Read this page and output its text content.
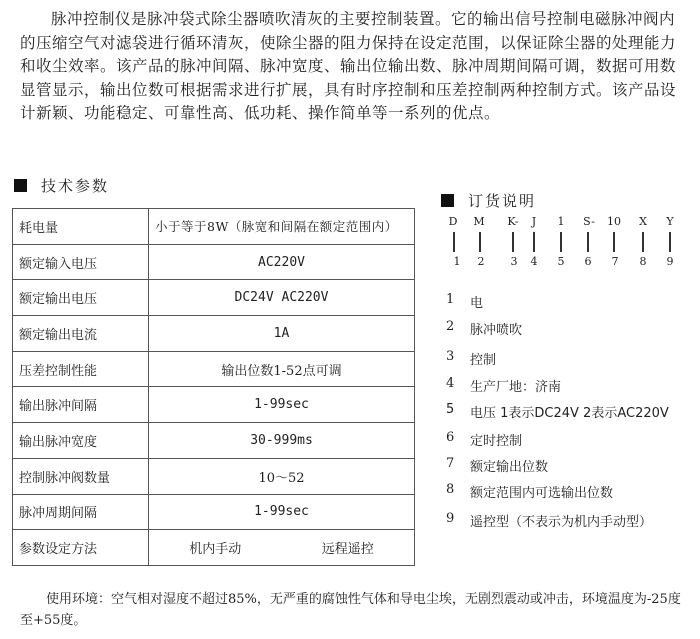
脉冲控制仪是脉冲袋式除尘器喷吹清灰的主要控制装置。它的输出信号控制电磁脉冲阀内的压缩空气对滤袋进行循环清灰，使除尘器的阻力保持在设定范围，以保证除尘器的处理能力和收尘效率。该产品的脉冲间隔、脉冲宽度、输出位输出数、脉冲周期间隔可调，数据可用数显管显示，输出位数可根据需求进行扩展，具有时序控制和压差控制两种控制方式。该产品设计新颖、功能稳定、可靠性高、低功耗、操作简单等一系列的优点。

技术参数
耗电量	小于等于8W（脉宽和间隔在额定范围内）
额定输入电压	AC220V
额定输出电压	DC24V AC220V
额定输出电流	1A
压差控制性能	输出位数1-52点可调
输出脉冲间隔	1-99sec
输出脉冲宽度	30-999ms
控制脉冲阀数量	10～52
脉冲周期间隔	1-99sec
参数设定方法	机内手动 远程遥控
订货说明
D	M	K-	J	1	S-	10	X	Y
1	2	3	4	5	6	7	8	9
1	电
2	脉冲喷吹
3	控制
4	生产厂地：济南
5	电压 1表示DC24V 2表示AC220V
6	定时控制
7	额定输出位数
8	额定范围内可选输出位数
9	遥控型（不表示为机内手动型）

使用环境：空气相对湿度不超过85%，无严重的腐蚀性气体和导电尘埃，无剧烈震动或冲击，环境温度为-25度至+55度。
